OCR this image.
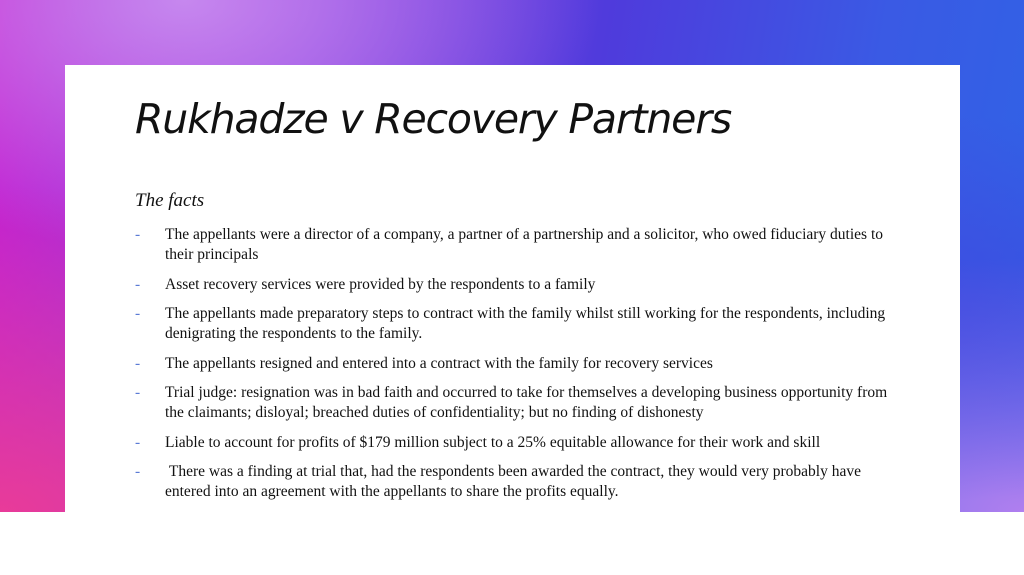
Rukhadze v Recovery Partners

The facts

- The appellants were a director of a company, a partner of a partnership and a solicitor, who owed fiduciary duties to their principals
- Asset recovery services were provided by the respondents to a family
- The appellants made preparatory steps to contract with the family whilst still working for the respondents, including denigrating the respondents to the family.
- The appellants resigned and entered into a contract with the family for recovery services
- Trial judge: resignation was in bad faith and occurred to take for themselves a developing business opportunity from the claimants; disloyal; breached duties of confidentiality; but no finding of dishonesty
- Liable to account for profits of $179 million subject to a 25% equitable allowance for their work and skill
- There was a finding at trial that, had the respondents been awarded the contract, they would very probably have entered into an agreement with the appellants to share the profits equally.
